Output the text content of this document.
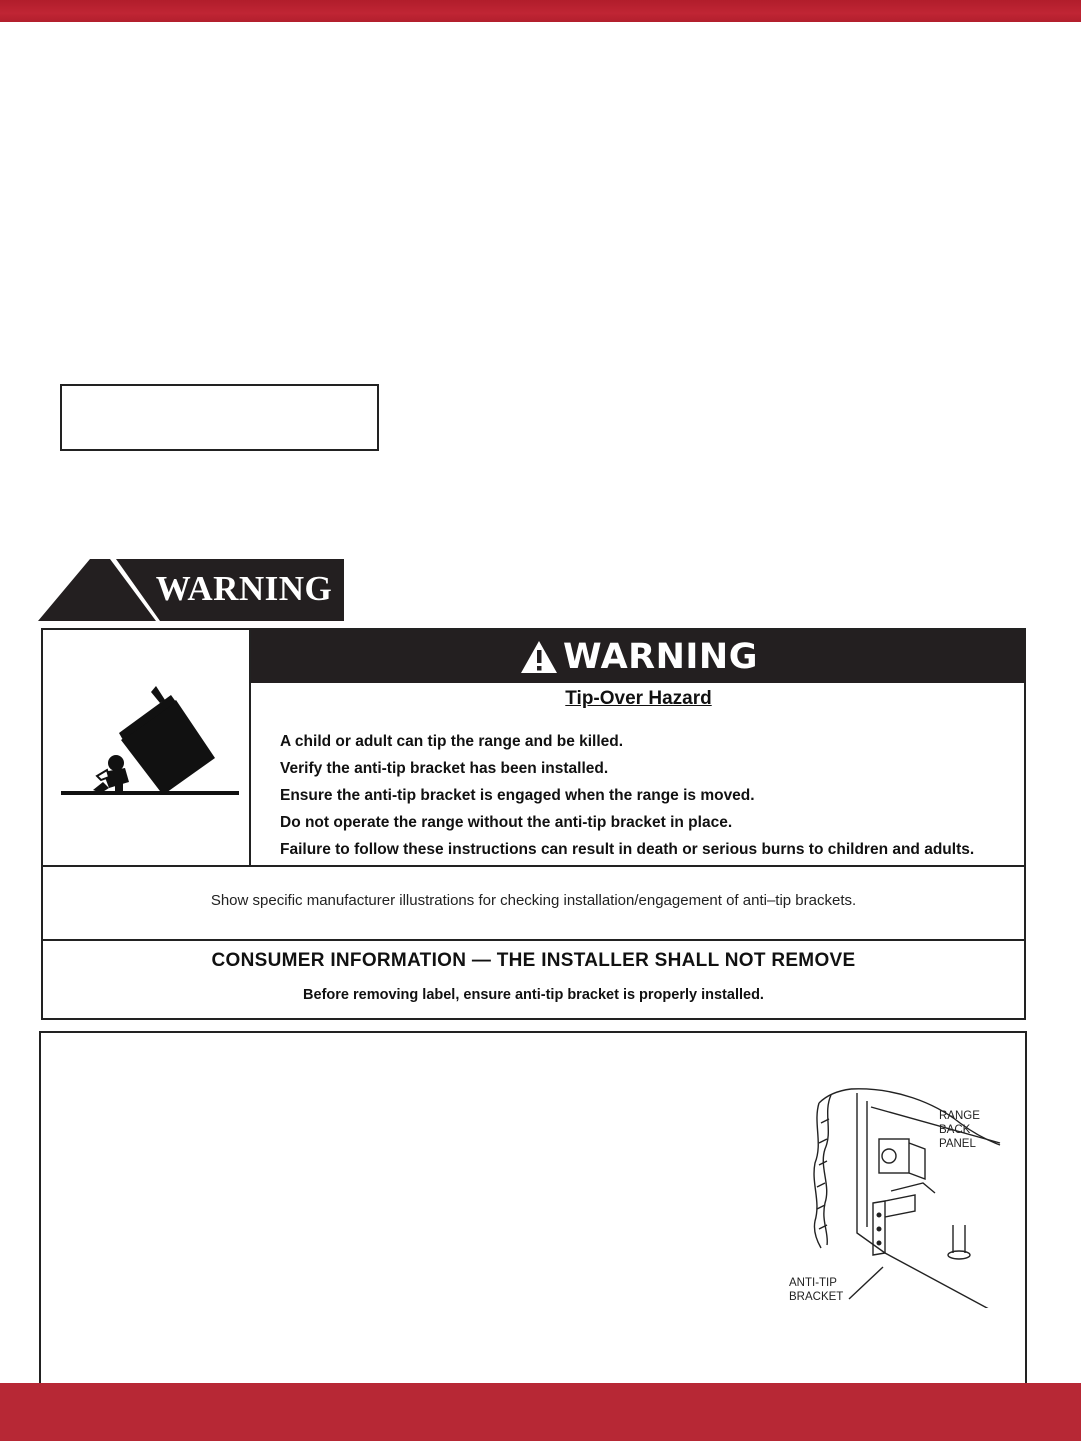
WARNING
WARNING
Tip-Over Hazard
A child or adult can tip the range and be killed.
Verify the anti-tip bracket has been installed.
Ensure the anti-tip bracket is engaged when the range is moved.
Do not operate the range without the anti-tip bracket in place.
Failure to follow these instructions can result in death or serious burns to children and adults.
Show specific manufacturer illustrations for checking installation/engagement of anti–tip brackets.
CONSUMER INFORMATION — THE INSTALLER SHALL NOT REMOVE
Before removing label, ensure anti-tip bracket is properly installed.
RANGE
BACK PANEL
ANTI-TIP
BRACKET
